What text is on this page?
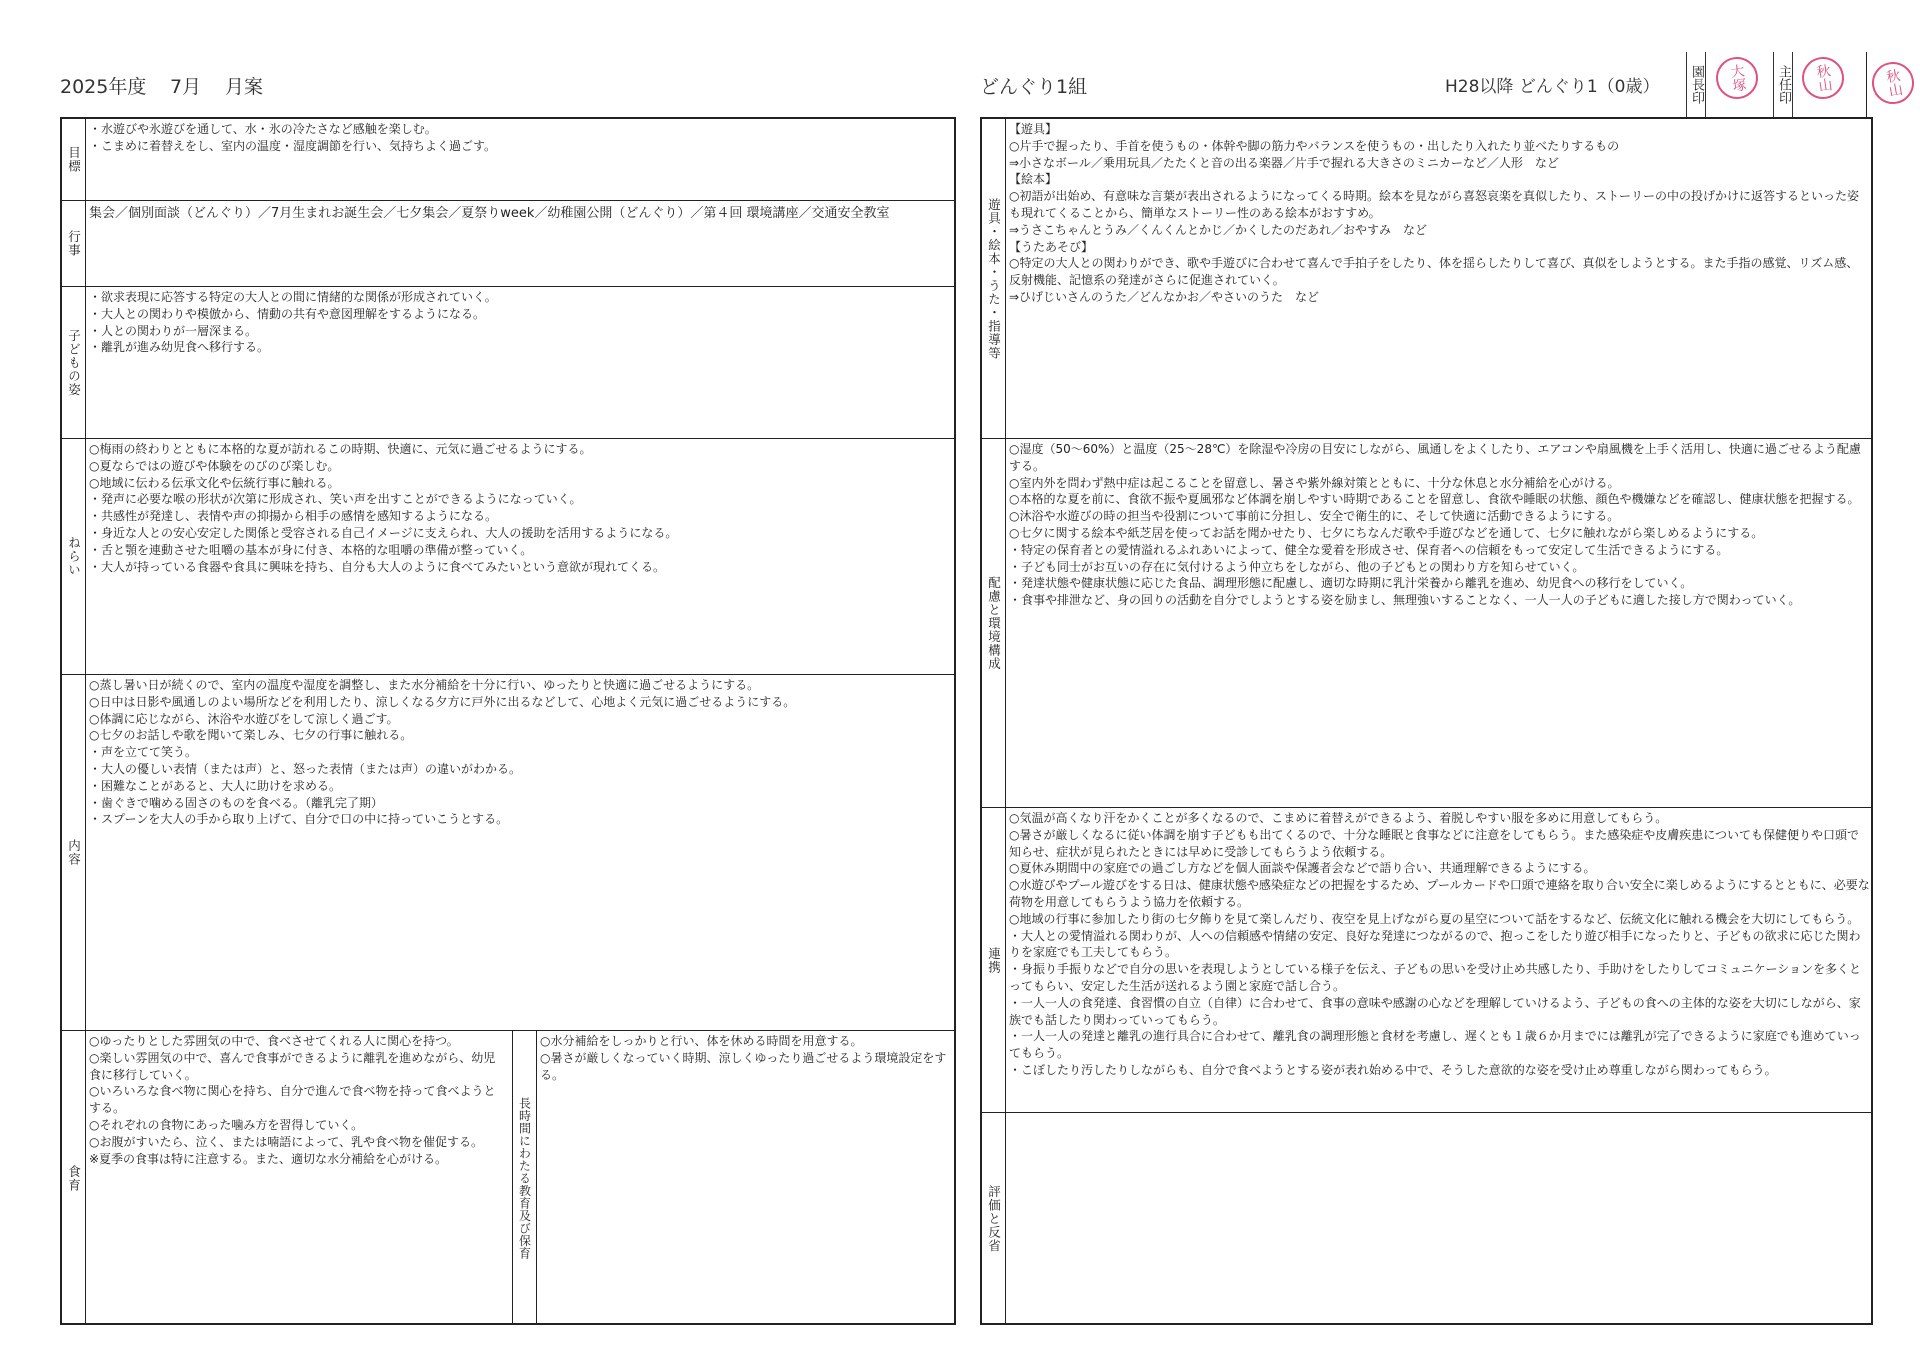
2025年度 7月 月案	どんぐり1組	H28以降 どんぐり1（0歳） 園長印 大塚 主任印 秋山	秋山
目標
・水遊びや氷遊びを通して、水・氷の冷たさなど感触を楽しむ。
・こまめに着替えをし、室内の温度・湿度調節を行い、気持ちよく過ごす。
行事
集会／個別面談（どんぐり）／7月生まれお誕生会／七夕集会／夏祭りweek／幼稚園公開（どんぐり）／第４回 環境講座／交通安全教室
子どもの姿
・欲求表現に応答する特定の大人との間に情緒的な関係が形成されていく。
・大人との関わりや模倣から、情動の共有や意図理解をするようになる。
・人との関わりが一層深まる。
・離乳が進み幼児食へ移行する。
ねらい
○梅雨の終わりとともに本格的な夏が訪れるこの時期、快適に、元気に過ごせるようにする。
○夏ならではの遊びや体験をのびのび楽しむ。
○地域に伝わる伝承文化や伝統行事に触れる。
・発声に必要な喉の形状が次第に形成され、笑い声を出すことができるようになっていく。
・共感性が発達し、表情や声の抑揚から相手の感情を感知するようになる。
・身近な人との安心安定した関係と受容される自己イメージに支えられ、大人の援助を活用するようになる。
・舌と顎を連動させた咀嚼の基本が身に付き、本格的な咀嚼の準備が整っていく。
・大人が持っている食器や食具に興味を持ち、自分も大人のように食べてみたいという意欲が現れてくる。
内容
○蒸し暑い日が続くので、室内の温度や湿度を調整し、また水分補給を十分に行い、ゆったりと快適に過ごせるようにする。
○日中は日影や風通しのよい場所などを利用したり、涼しくなる夕方に戸外に出るなどして、心地よく元気に過ごせるようにする。
○体調に応じながら、沐浴や水遊びをして涼しく過ごす。
○七夕のお話しや歌を聞いて楽しみ、七夕の行事に触れる。
・声を立てて笑う。
・大人の優しい表情（または声）と、怒った表情（または声）の違いがわかる。
・困難なことがあると、大人に助けを求める。
・歯ぐきで噛める固さのものを食べる。（離乳完了期）
・スプーンを大人の手から取り上げて、自分で口の中に持っていこうとする。
食育
○ゆったりとした雰囲気の中で、食べさせてくれる人に関心を持つ。
○楽しい雰囲気の中で、喜んで食事ができるように離乳を進めながら、幼児食に移行していく。
○いろいろな食べ物に関心を持ち、自分で進んで食べ物を持って食べようとする。
○それぞれの食物にあった噛み方を習得していく。
○お腹がすいたら、泣く、または喃語によって、乳や食べ物を催促する。
※夏季の食事は特に注意する。また、適切な水分補給を心がける。	長時間にわたる教育及び保育
○水分補給をしっかりと行い、体を休める時間を用意する。
○暑さが厳しくなっていく時期、涼しくゆったり過ごせるよう環境設定をする。
遊具・絵本・うた・指導等
【遊具】
○片手で握ったり、手首を使うもの・体幹や脚の筋力やバランスを使うもの・出したり入れたり並べたりするもの
⇒小さなボール／乗用玩具／たたくと音の出る楽器／片手で握れる大きさのミニカーなど／人形　など
【絵本】
○初語が出始め、有意味な言葉が表出されるようになってくる時期。絵本を見ながら喜怒哀楽を真似したり、ストーリーの中の投げかけに返答するといった姿も現れてくることから、簡単なストーリー性のある絵本がおすすめ。
⇒うさこちゃんとうみ／くんくんとかじ／かくしたのだあれ／おやすみ　など
【うたあそび】
○特定の大人との関わりができ、歌や手遊びに合わせて喜んで手拍子をしたり、体を揺らしたりして喜び、真似をしようとする。また手指の感覚、リズム感、反射機能、記憶系の発達がさらに促進されていく。
⇒ひげじいさんのうた／どんなかお／やさいのうた　など
配慮と環境構成
○湿度（50～60%）と温度（25～28℃）を除湿や冷房の目安にしながら、風通しをよくしたり、エアコンや扇風機を上手く活用し、快適に過ごせるよう配慮する。
○室内外を問わず熱中症は起こることを留意し、暑さや紫外線対策とともに、十分な休息と水分補給を心がける。
○本格的な夏を前に、食欲不振や夏風邪など体調を崩しやすい時期であることを留意し、食欲や睡眠の状態、顔色や機嫌などを確認し、健康状態を把握する。
○沐浴や水遊びの時の担当や役割について事前に分担し、安全で衛生的に、そして快適に活動できるようにする。
○七夕に関する絵本や紙芝居を使ってお話を聞かせたり、七夕にちなんだ歌や手遊びなどを通して、七夕に触れながら楽しめるようにする。
・特定の保育者との愛情溢れるふれあいによって、健全な愛着を形成させ、保育者への信頼をもって安定して生活できるようにする。
・子ども同士がお互いの存在に気付けるよう仲立ちをしながら、他の子どもとの関わり方を知らせていく。
・発達状態や健康状態に応じた食品、調理形態に配慮し、適切な時期に乳汁栄養から離乳を進め、幼児食への移行をしていく。
・食事や排泄など、身の回りの活動を自分でしようとする姿を励まし、無理強いすることなく、一人一人の子どもに適した接し方で関わっていく。
連携
○気温が高くなり汗をかくことが多くなるので、こまめに着替えができるよう、着脱しやすい服を多めに用意してもらう。
○暑さが厳しくなるに従い体調を崩す子どもも出てくるので、十分な睡眠と食事などに注意をしてもらう。また感染症や皮膚疾患についても保健便りや口頭で知らせ、症状が見られたときには早めに受診してもらうよう依頼する。
○夏休み期間中の家庭での過ごし方などを個人面談や保護者会などで語り合い、共通理解できるようにする。
○水遊びやプール遊びをする日は、健康状態や感染症などの把握をするため、プールカードや口頭で連絡を取り合い安全に楽しめるようにするとともに、必要な荷物を用意してもらうよう協力を依頼する。
○地域の行事に参加したり街の七夕飾りを見て楽しんだり、夜空を見上げながら夏の星空について話をするなど、伝統文化に触れる機会を大切にしてもらう。
・大人との愛情溢れる関わりが、人への信頼感や情緒の安定、良好な発達につながるので、抱っこをしたり遊び相手になったりと、子どもの欲求に応じた関わりを家庭でも工夫してもらう。
・身振り手振りなどで自分の思いを表現しようとしている様子を伝え、子どもの思いを受け止め共感したり、手助けをしたりしてコミュニケーションを多くとってもらい、安定した生活が送れるよう園と家庭で話し合う。
・一人一人の食発達、食習慣の自立（自律）に合わせて、食事の意味や感謝の心などを理解していけるよう、子どもの食への主体的な姿を大切にしながら、家族でも話したり関わっていってもらう。
・一人一人の発達と離乳の進行具合に合わせて、離乳食の調理形態と食材を考慮し、遅くとも１歳６か月までには離乳が完了できるように家庭でも進めていってもらう。
・こぼしたり汚したりしながらも、自分で食べようとする姿が表れ始める中で、そうした意欲的な姿を受け止め尊重しながら関わってもらう。
評価と反省
